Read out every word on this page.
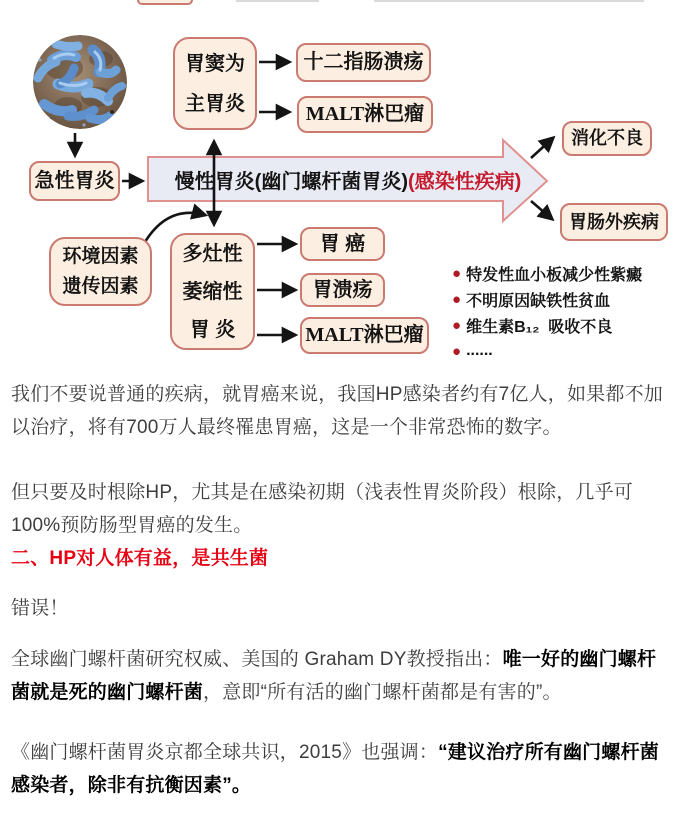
急性胃炎
胃窦为
主胃炎
十二指肠溃疡
MALT淋巴瘤
慢性胃炎(幽门螺杆菌胃炎) (感染性疾病)
环境因素
遗传因素
多灶性
萎缩性
胃 炎
胃 癌
胃溃疡
MALT淋巴瘤
消化不良
胃肠外疾病
● 特发性血小板减少性紫癜
● 不明原因缺铁性贫血
● 维生素B₁₂  吸收不良
● ......

我们不要说普通的疾病，就胃癌来说，我国HP感染者约有7亿人，如果都不加以治疗，将有700万人最终罹患胃癌，这是一个非常恐怖的数字。

但只要及时根除HP，尤其是在感染初期（浅表性胃炎阶段）根除，几乎可100%预防肠型胃癌的发生。

二、HP对人体有益，是共生菌

错误！

全球幽门螺杆菌研究权威、美国的 Graham DY教授指出：唯一好的幽门螺杆菌就是死的幽门螺杆菌，意即“所有活的幽门螺杆菌都是有害的”。

《幽门螺杆菌胃炎京都全球共识，2015》也强调：“建议治疗所有幽门螺杆菌感染者，除非有抗衡因素”。
